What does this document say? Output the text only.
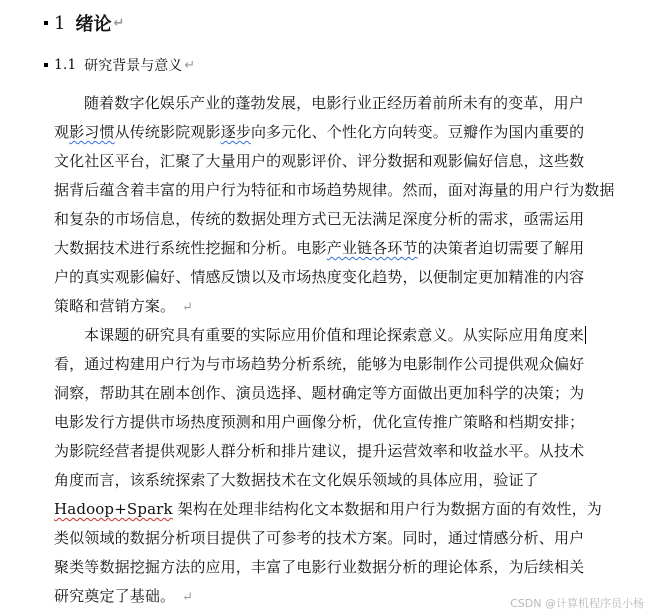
1 绪论 ↵
1.1 研究背景与意义 ↵
随着数字化娱乐产业的蓬勃发展，电影行业正经历着前所未有的变革，用户
观影习惯从传统影院观影逐步向多元化、个性化方向转变。豆瓣作为国内重要的
文化社区平台，汇聚了大量用户的观影评价、评分数据和观影偏好信息，这些数
据背后蕴含着丰富的用户行为特征和市场趋势规律。然而，面对海量的用户行为数据
和复杂的市场信息，传统的数据处理方式已无法满足深度分析的需求，亟需运用
大数据技术进行系统性挖掘和分析。电影产业链各环节的决策者迫切需要了解用
户的真实观影偏好、情感反馈以及市场热度变化趋势，以便制定更加精准的内容
策略和营销方案。 ↵
本课题的研究具有重要的实际应用价值和理论探索意义。从实际应用角度来
看，通过构建用户行为与市场趋势分析系统，能够为电影制作公司提供观众偏好
洞察，帮助其在剧本创作、演员选择、题材确定等方面做出更加科学的决策；为
电影发行方提供市场热度预测和用户画像分析，优化宣传推广策略和档期安排；
为影院经营者提供观影人群分析和排片建议，提升运营效率和收益水平。从技术
角度而言，该系统探索了大数据技术在文化娱乐领域的具体应用，验证了
Hadoop+Spark 架构在处理非结构化文本数据和用户行为数据方面的有效性，为
类似领域的数据分析项目提供了可参考的技术方案。同时，通过情感分析、用户
聚类等数据挖掘方法的应用，丰富了电影行业数据分析的理论体系，为后续相关
研究奠定了基础。 ↵	CSDN @计算机程序员小杨
